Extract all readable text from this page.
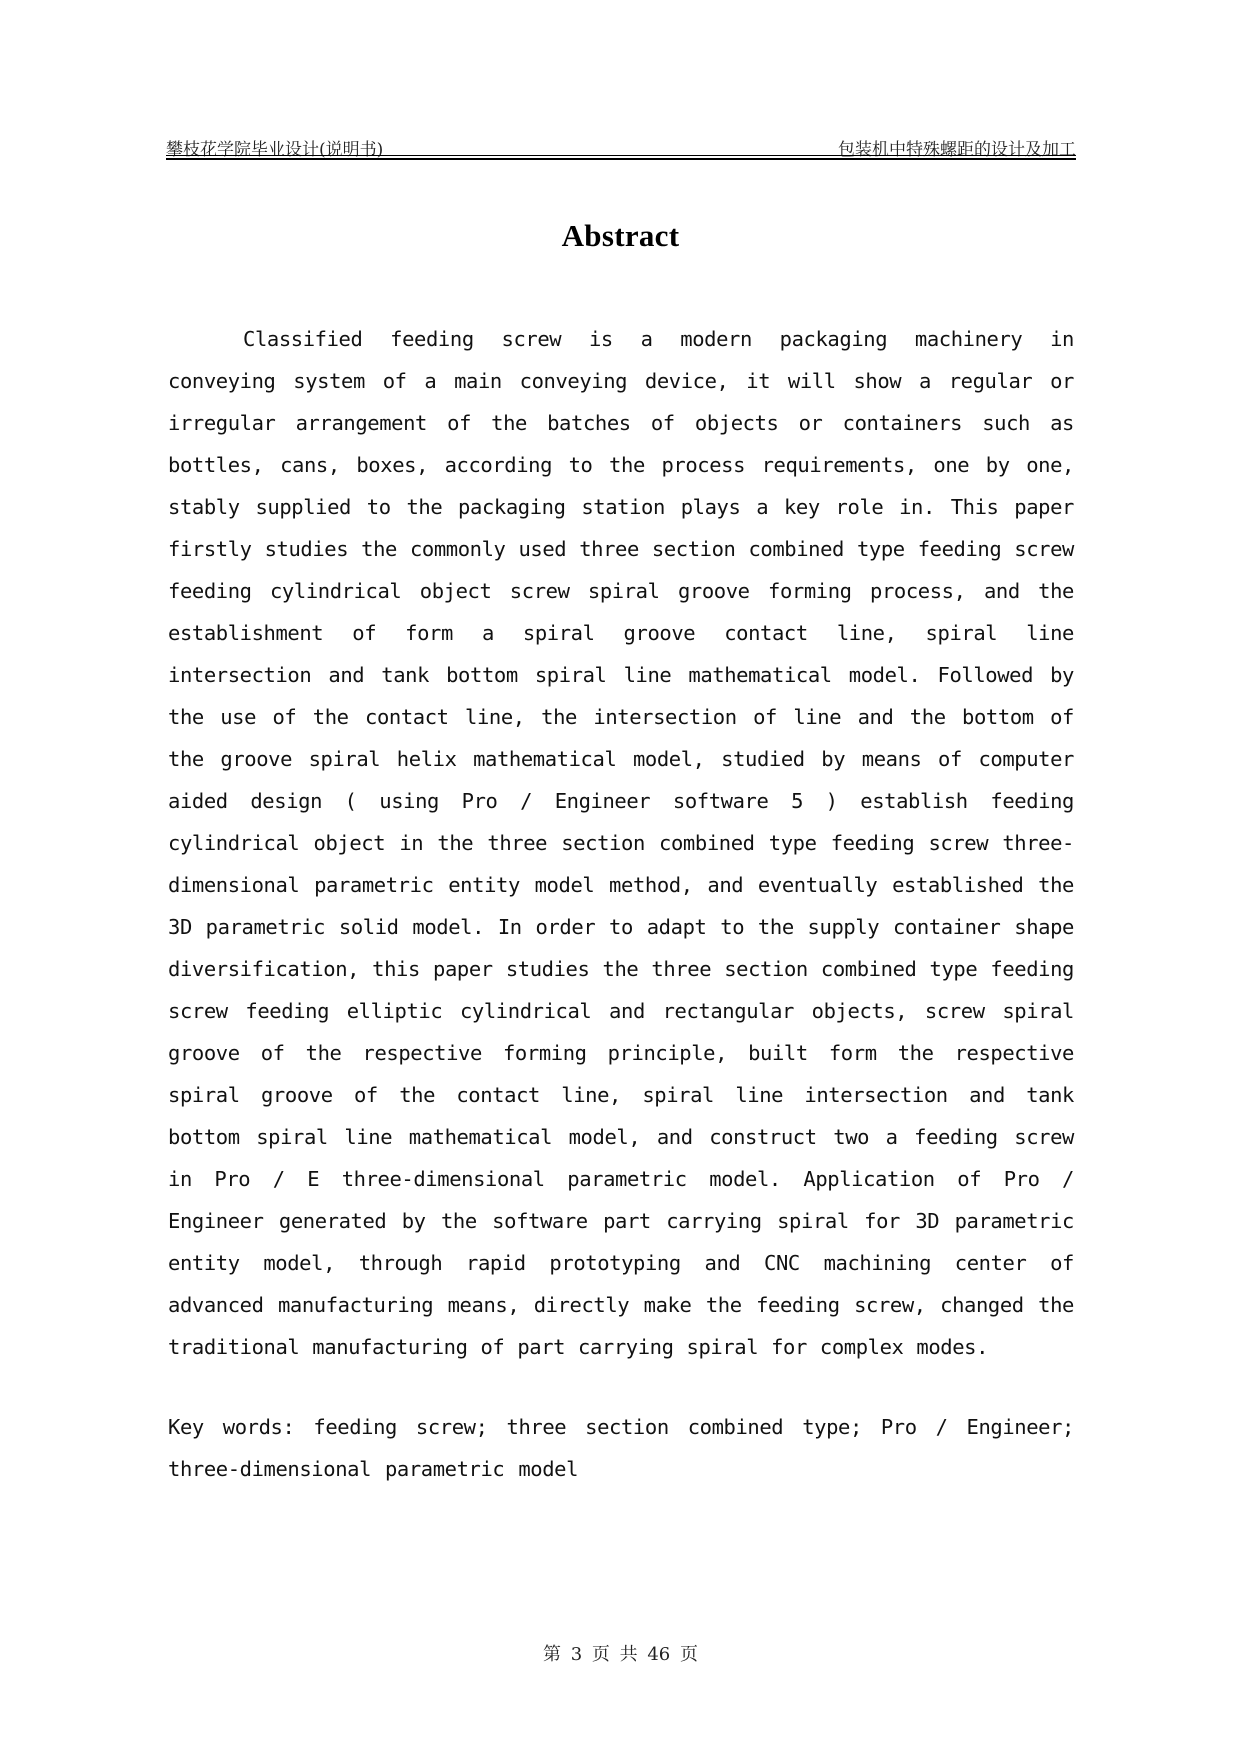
攀枝花学院毕业设计(说明书)	包装机中特殊螺距的设计及加工
Abstract

Classified feeding screw is a modern packaging machinery in conveying system of a main conveying device, it will show a regular or irregular arrangement of the batches of objects or containers such as bottles, cans, boxes, according to the process requirements, one by one, stably supplied to the packaging station plays a key role in. This paper firstly studies the commonly used three section combined type feeding screw feeding cylindrical object screw spiral groove forming process, and the establishment of form a spiral groove contact line, spiral line intersection and tank bottom spiral line mathematical model. Followed by the use of the contact line, the intersection of line and the bottom of the groove spiral helix mathematical model, studied by means of computer aided design ( using Pro / Engineer software 5 ) establish feeding cylindrical object in the three section combined type feeding screw three-dimensional parametric entity model method, and eventually established the 3D parametric solid model. In order to adapt to the supply container shape diversification, this paper studies the three section combined type feeding screw feeding elliptic cylindrical and rectangular objects, screw spiral groove of the respective forming principle, built form the respective spiral groove of the contact line, spiral line intersection and tank bottom spiral line mathematical model, and construct two a feeding screw in Pro / E three-dimensional parametric model. Application of Pro / Engineer generated by the software part carrying spiral for 3D parametric entity model, through rapid prototyping and CNC machining center of advanced manufacturing means, directly make the feeding screw, changed the traditional manufacturing of part carrying spiral for complex modes.

Key words: feeding screw; three section combined type; Pro / Engineer; three-dimensional parametric model

第 3 页 共 46 页
